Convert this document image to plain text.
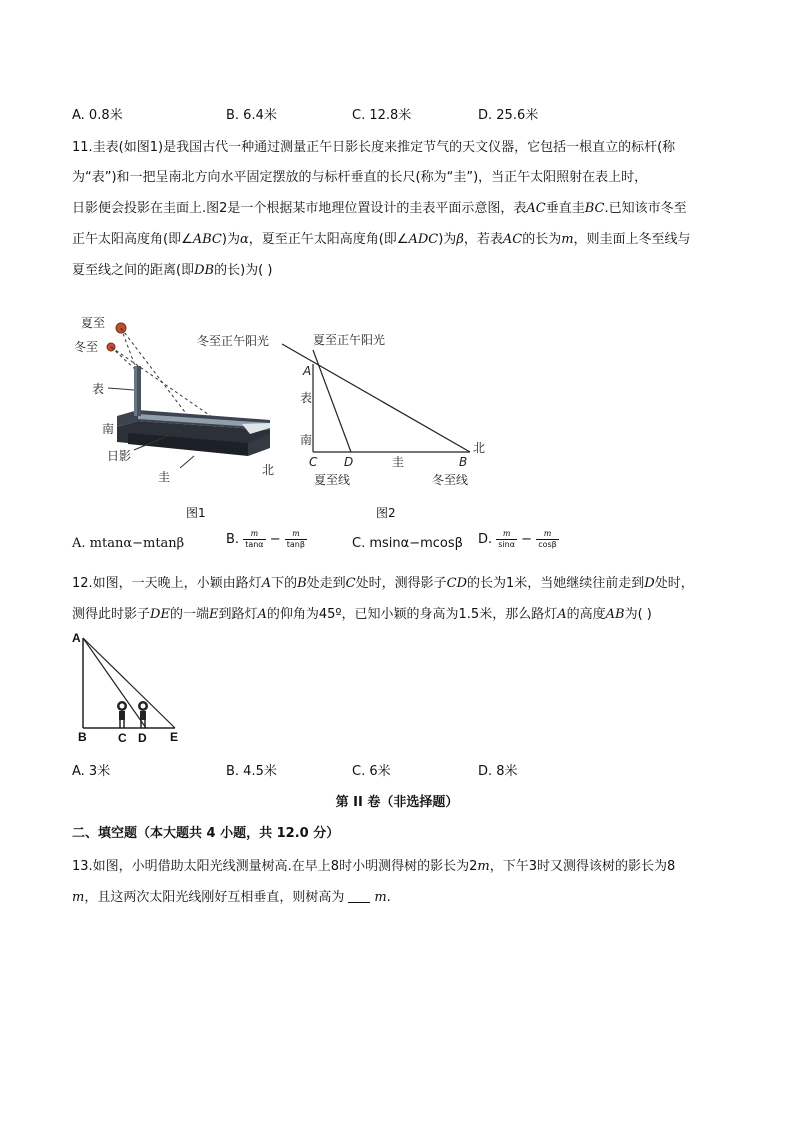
A. 0.8米	B. 6.4米	C. 12.8米	D. 25.6米
11.圭表(如图1)是我国古代一种通过测量正午日影长度来推定节气的天文仪器，它包括一根直立的标杆(称
为“表”)和一把呈南北方向水平固定摆放的与标杆垂直的长尺(称为“圭”)，当正午太阳照射在表上时，
日影便会投影在圭面上.图2是一个根据某市地理位置设计的圭表平面示意图，表AC垂直圭BC.已知该市冬至
正午太阳高度角(即∠ABC)为α，夏至正午太阳高度角(即∠ADC)为β，若表AC的长为m，则圭面上冬至线与
夏至线之间的距离(即DB的长)为( )
夏至
冬至
表
南
日影
圭	北
图1
冬至正午阳光	夏至正午阳光
A
表
南
C D	圭	B
北
夏至线	冬至线
图2
A. mtanα−mtanβ	B. $\frac{m}{\tan\alpha} - \frac{m}{\tan\beta}$	C. msinα−mcosβ D. $\frac{m}{\sin\alpha} - \frac{m}{\cos\beta}$
12.如图，一天晚上，小颖由路灯A下的B处走到C处时，测得影子CD的长为1米，当她继续往前走到D处时，
测得此时影子DE的一端E到路灯A的仰角为45º，已知小颖的身高为1.5米，那么路灯A的高度AB为( )
A
B	C D E
A. 3米	B. 4.5米	C. 6米	D. 8米
第 II 卷（非选择题）
二、填空题（本大题共 4 小题，共 12.0 分）
13.如图，小明借助太阳光线测量树高.在早上8时小明测得树的影长为2m，下午3时又测得该树的影长为8
m，且这两次太阳光线刚好互相垂直，则树高为 m.
